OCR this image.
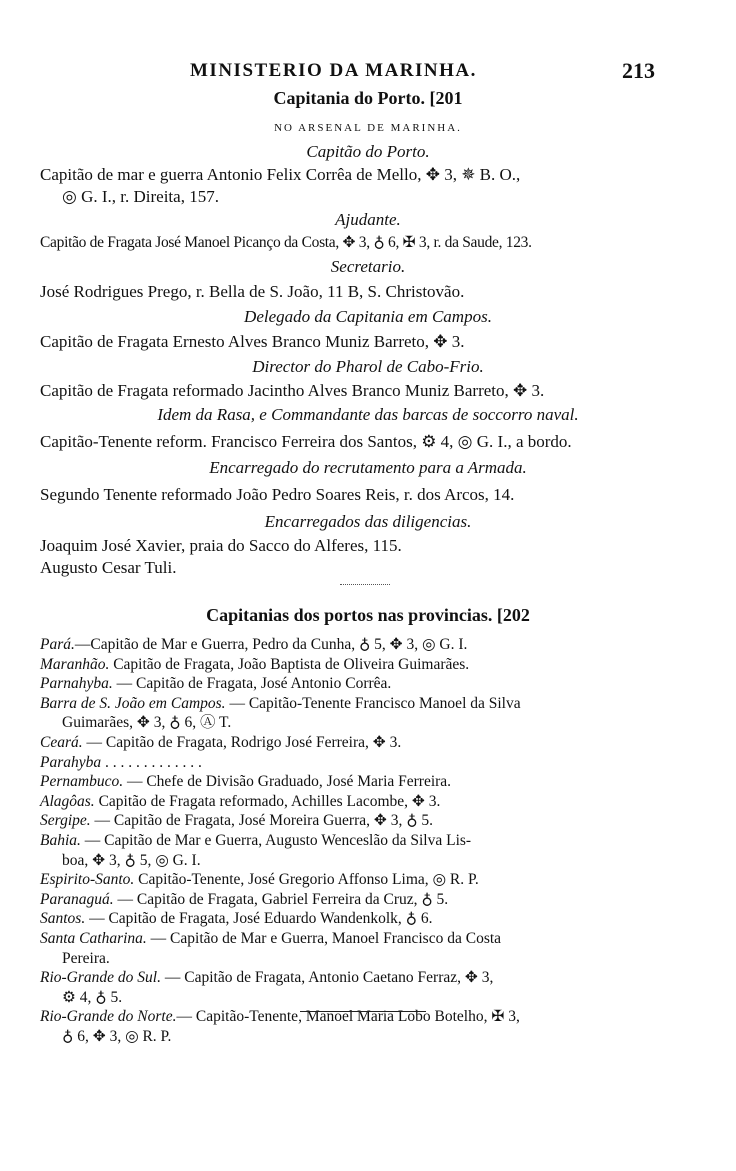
MINISTERIO DA MARINHA.	213
Capitania do Porto. [201
NO ARSENAL DE MARINHA.
Capitão do Porto.
Capitão de mar e guerra Antonio Felix Corrêa de Mello, ✥ 3, ✵ B. O.,
◎ G. I., r. Direita, 157.
Ajudante.
Capitão de Fragata José Manoel Picanço da Costa, ✥ 3, ♁ 6, ✠ 3, r. da Saude, 123.
Secretario.
José Rodrigues Prego, r. Bella de S. João, 11 B, S. Christovão.
Delegado da Capitania em Campos.
Capitão de Fragata Ernesto Alves Branco Muniz Barreto, ✥ 3.
Director do Pharol de Cabo-Frio.
Capitão de Fragata reformado Jacintho Alves Branco Muniz Barreto, ✥ 3.
Idem da Rasa, e Commandante das barcas de soccorro naval.
Capitão-Tenente reform. Francisco Ferreira dos Santos, ⚙ 4, ◎ G. I., a bordo.
Encarregado do recrutamento para a Armada.
Segundo Tenente reformado João Pedro Soares Reis, r. dos Arcos, 14.
Encarregados das diligencias.
Joaquim José Xavier, praia do Sacco do Alferes, 115.
Augusto Cesar Tuli.
Capitanias dos portos nas provincias. [202
Pará.—Capitão de Mar e Guerra, Pedro da Cunha, ♁ 5, ✥ 3, ◎ G. I.
Maranhão. Capitão de Fragata, João Baptista de Oliveira Guimarães.
Parnahyba. — Capitão de Fragata, José Antonio Corrêa.
Barra de S. João em Campos. — Capitão-Tenente Francisco Manoel da Silva
Guimarães, ✥ 3, ♁ 6, Ⓐ T.
Ceará. — Capitão de Fragata, Rodrigo José Ferreira, ✥ 3.
Parahyba . . . . . . . . . . . . .
Pernambuco. — Chefe de Divisão Graduado, José Maria Ferreira.
Alagôas. Capitão de Fragata reformado, Achilles Lacombe, ✥ 3.
Sergipe. — Capitão de Fragata, José Moreira Guerra, ✥ 3, ♁ 5.
Bahia. — Capitão de Mar e Guerra, Augusto Wenceslão da Silva Lis-
boa, ✥ 3, ♁ 5, ◎ G. I.
Espirito-Santo. Capitão-Tenente, José Gregorio Affonso Lima, ◎ R. P.
Paranaguá. — Capitão de Fragata, Gabriel Ferreira da Cruz, ♁ 5.
Santos. — Capitão de Fragata, José Eduardo Wandenkolk, ♁ 6.
Santa Catharina. — Capitão de Mar e Guerra, Manoel Francisco da Costa
Pereira.
Rio-Grande do Sul. — Capitão de Fragata, Antonio Caetano Ferraz, ✥ 3,
⚙ 4, ♁ 5.
Rio-Grande do Norte.— Capitão-Tenente, Manoel Maria Lobo Botelho, ✠ 3,
♁ 6, ✥ 3, ◎ R. P.
